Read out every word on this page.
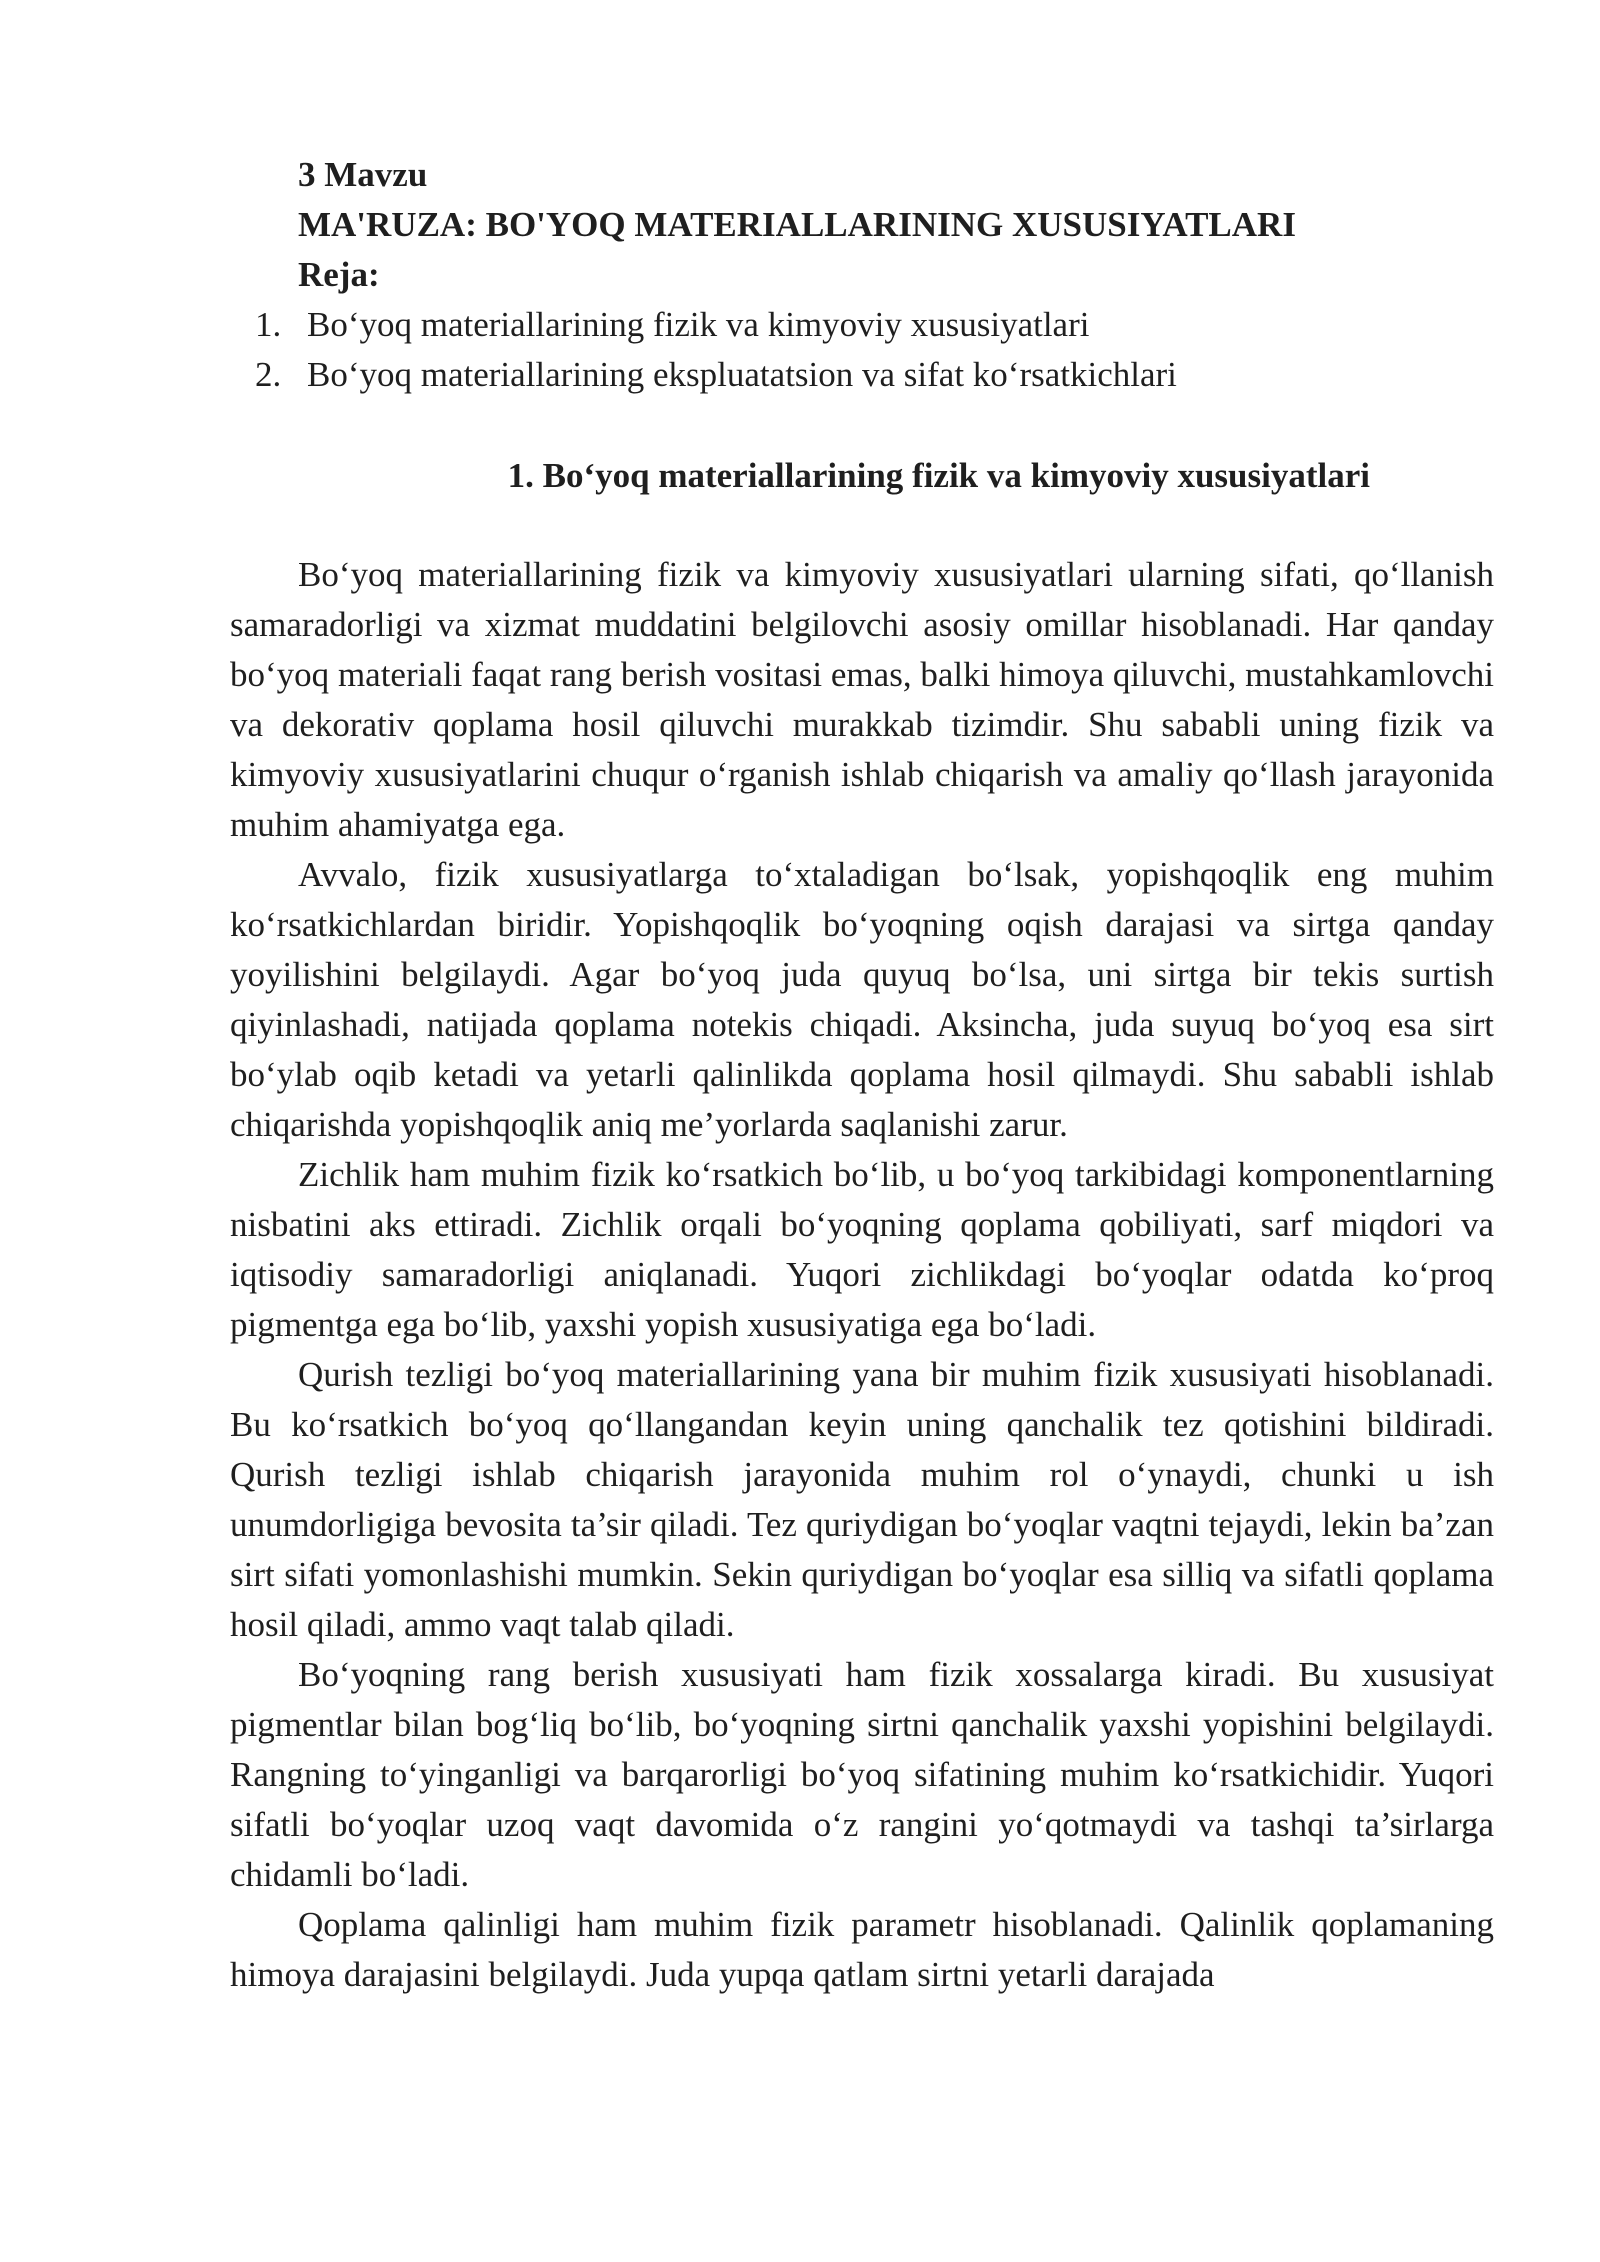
3 Mavzu
MA'RUZA: BO'YOQ MATERIALLARINING XUSUSIYATLARI
Reja:
1. Bo‘yoq materiallarining fizik va kimyoviy xususiyatlari
2. Bo‘yoq materiallarining ekspluatatsion va sifat ko‘rsatkichlari
1. Bo‘yoq materiallarining fizik va kimyoviy xususiyatlari

Bo‘yoq materiallarining fizik va kimyoviy xususiyatlari ularning sifati, qo‘llanish samaradorligi va xizmat muddatini belgilovchi asosiy omillar hisoblanadi. Har qanday bo‘yoq materiali faqat rang berish vositasi emas, balki himoya qiluvchi, mustahkamlovchi va dekorativ qoplama hosil qiluvchi murakkab tizimdir. Shu sababli uning fizik va kimyoviy xususiyatlarini chuqur o‘rganish ishlab chiqarish va amaliy qo‘llash jarayonida muhim ahamiyatga ega.

Avvalo, fizik xususiyatlarga to‘xtaladigan bo‘lsak, yopishqoqlik eng muhim ko‘rsatkichlardan biridir. Yopishqoqlik bo‘yoqning oqish darajasi va sirtga qanday yoyilishini belgilaydi. Agar bo‘yoq juda quyuq bo‘lsa, uni sirtga bir tekis surtish qiyinlashadi, natijada qoplama notekis chiqadi. Aksincha, juda suyuq bo‘yoq esa sirt bo‘ylab oqib ketadi va yetarli qalinlikda qoplama hosil qilmaydi. Shu sababli ishlab chiqarishda yopishqoqlik aniq me’yorlarda saqlanishi zarur.

Zichlik ham muhim fizik ko‘rsatkich bo‘lib, u bo‘yoq tarkibidagi komponentlarning nisbatini aks ettiradi. Zichlik orqali bo‘yoqning qoplama qobiliyati, sarf miqdori va iqtisodiy samaradorligi aniqlanadi. Yuqori zichlikdagi bo‘yoqlar odatda ko‘proq pigmentga ega bo‘lib, yaxshi yopish xususiyatiga ega bo‘ladi.

Qurish tezligi bo‘yoq materiallarining yana bir muhim fizik xususiyati hisoblanadi. Bu ko‘rsatkich bo‘yoq qo‘llangandan keyin uning qanchalik tez qotishini bildiradi. Qurish tezligi ishlab chiqarish jarayonida muhim rol o‘ynaydi, chunki u ish unumdorligiga bevosita ta’sir qiladi. Tez quriydigan bo‘yoqlar vaqtni tejaydi, lekin ba’zan sirt sifati yomonlashishi mumkin. Sekin quriydigan bo‘yoqlar esa silliq va sifatli qoplama hosil qiladi, ammo vaqt talab qiladi.

Bo‘yoqning rang berish xususiyati ham fizik xossalarga kiradi. Bu xususiyat pigmentlar bilan bog‘liq bo‘lib, bo‘yoqning sirtni qanchalik yaxshi yopishini belgilaydi. Rangning to‘yinganligi va barqarorligi bo‘yoq sifatining muhim ko‘rsatkichidir. Yuqori sifatli bo‘yoqlar uzoq vaqt davomida o‘z rangini yo‘qotmaydi va tashqi ta’sirlarga chidamli bo‘ladi.

Qoplama qalinligi ham muhim fizik parametr hisoblanadi. Qalinlik qoplamaning himoya darajasini belgilaydi. Juda yupqa qatlam sirtni yetarli darajada
